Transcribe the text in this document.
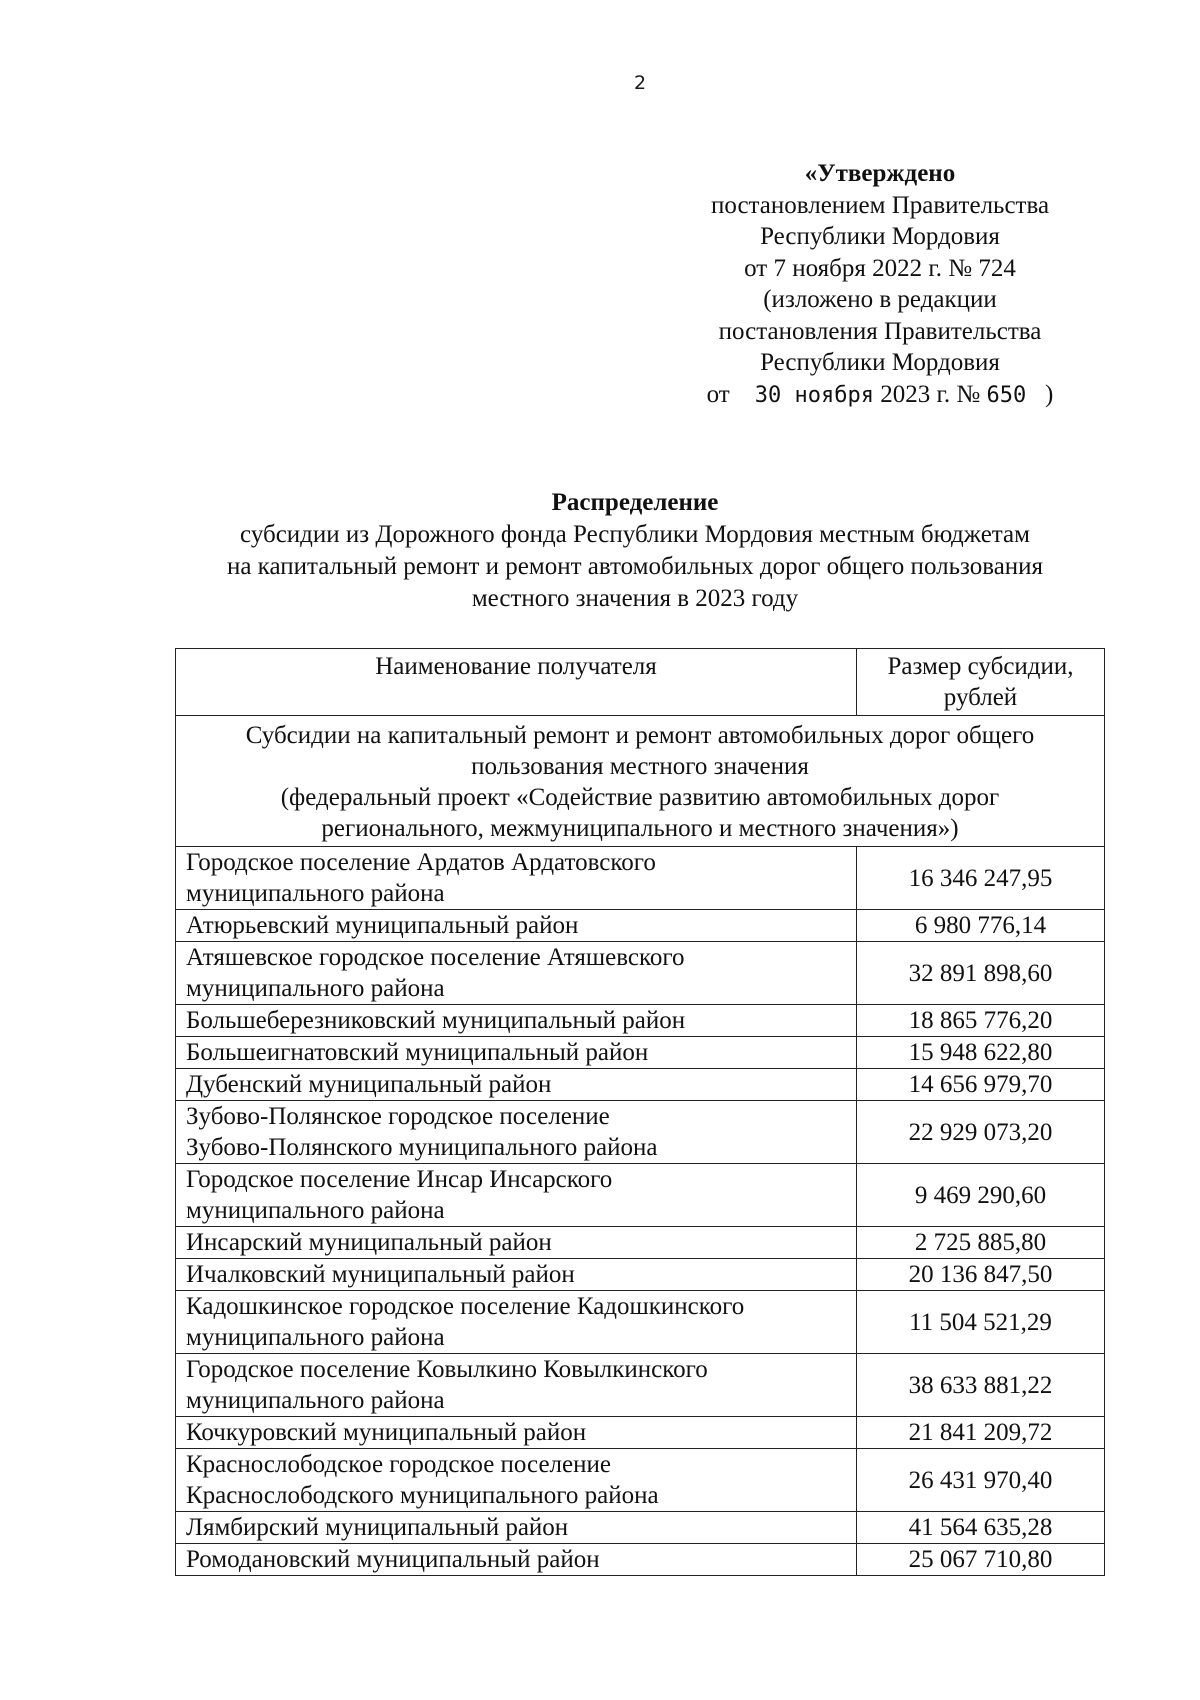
2
«Утверждено
постановлением Правительства
Республики Мордовия
от 7 ноября 2022 г. № 724
(изложено в редакции
постановления Правительства
Республики Мордовия
от 30 ноября 2023 г. № 650 )
Распределение
субсидии из Дорожного фонда Республики Мордовия местным бюджетам
на капитальный ремонт и ремонт автомобильных дорог общего пользования
местного значения в 2023 году
Наименование получателя	Размер субсидии, рублей

Субсидии на капитальный ремонт и ремонт автомобильных дорог общего
пользования местного значения
(федеральный проект «Содействие развитию автомобильных дорог
регионального, межмуниципального и местного значения»)	

Городское поселение Ардатов Ардатовского
муниципального района	16 346 247,95

Атюрьевский муниципальный район	6 980 776,14

Атяшевское городское поселение Атяшевского
муниципального района	32 891 898,60

Большеберезниковский муниципальный район	18 865 776,20

Большеигнатовский муниципальный район	15 948 622,80

Дубенский муниципальный район	14 656 979,70

Зубово-Полянское городское поселение
Зубово-Полянского муниципального района	22 929 073,20

Городское поселение Инсар Инсарского
муниципального района	9 469 290,60

Инсарский муниципальный район	2 725 885,80

Ичалковский муниципальный район	20 136 847,50

Кадошкинское городское поселение Кадошкинского
муниципального района	11 504 521,29

Городское поселение Ковылкино Ковылкинского
муниципального района	38 633 881,22

Кочкуровский муниципальный район	21 841 209,72

Краснослободское городское поселение
Краснослободского муниципального района	26 431 970,40

Лямбирский муниципальный район	41 564 635,28

Ромодановский муниципальный район	25 067 710,80
